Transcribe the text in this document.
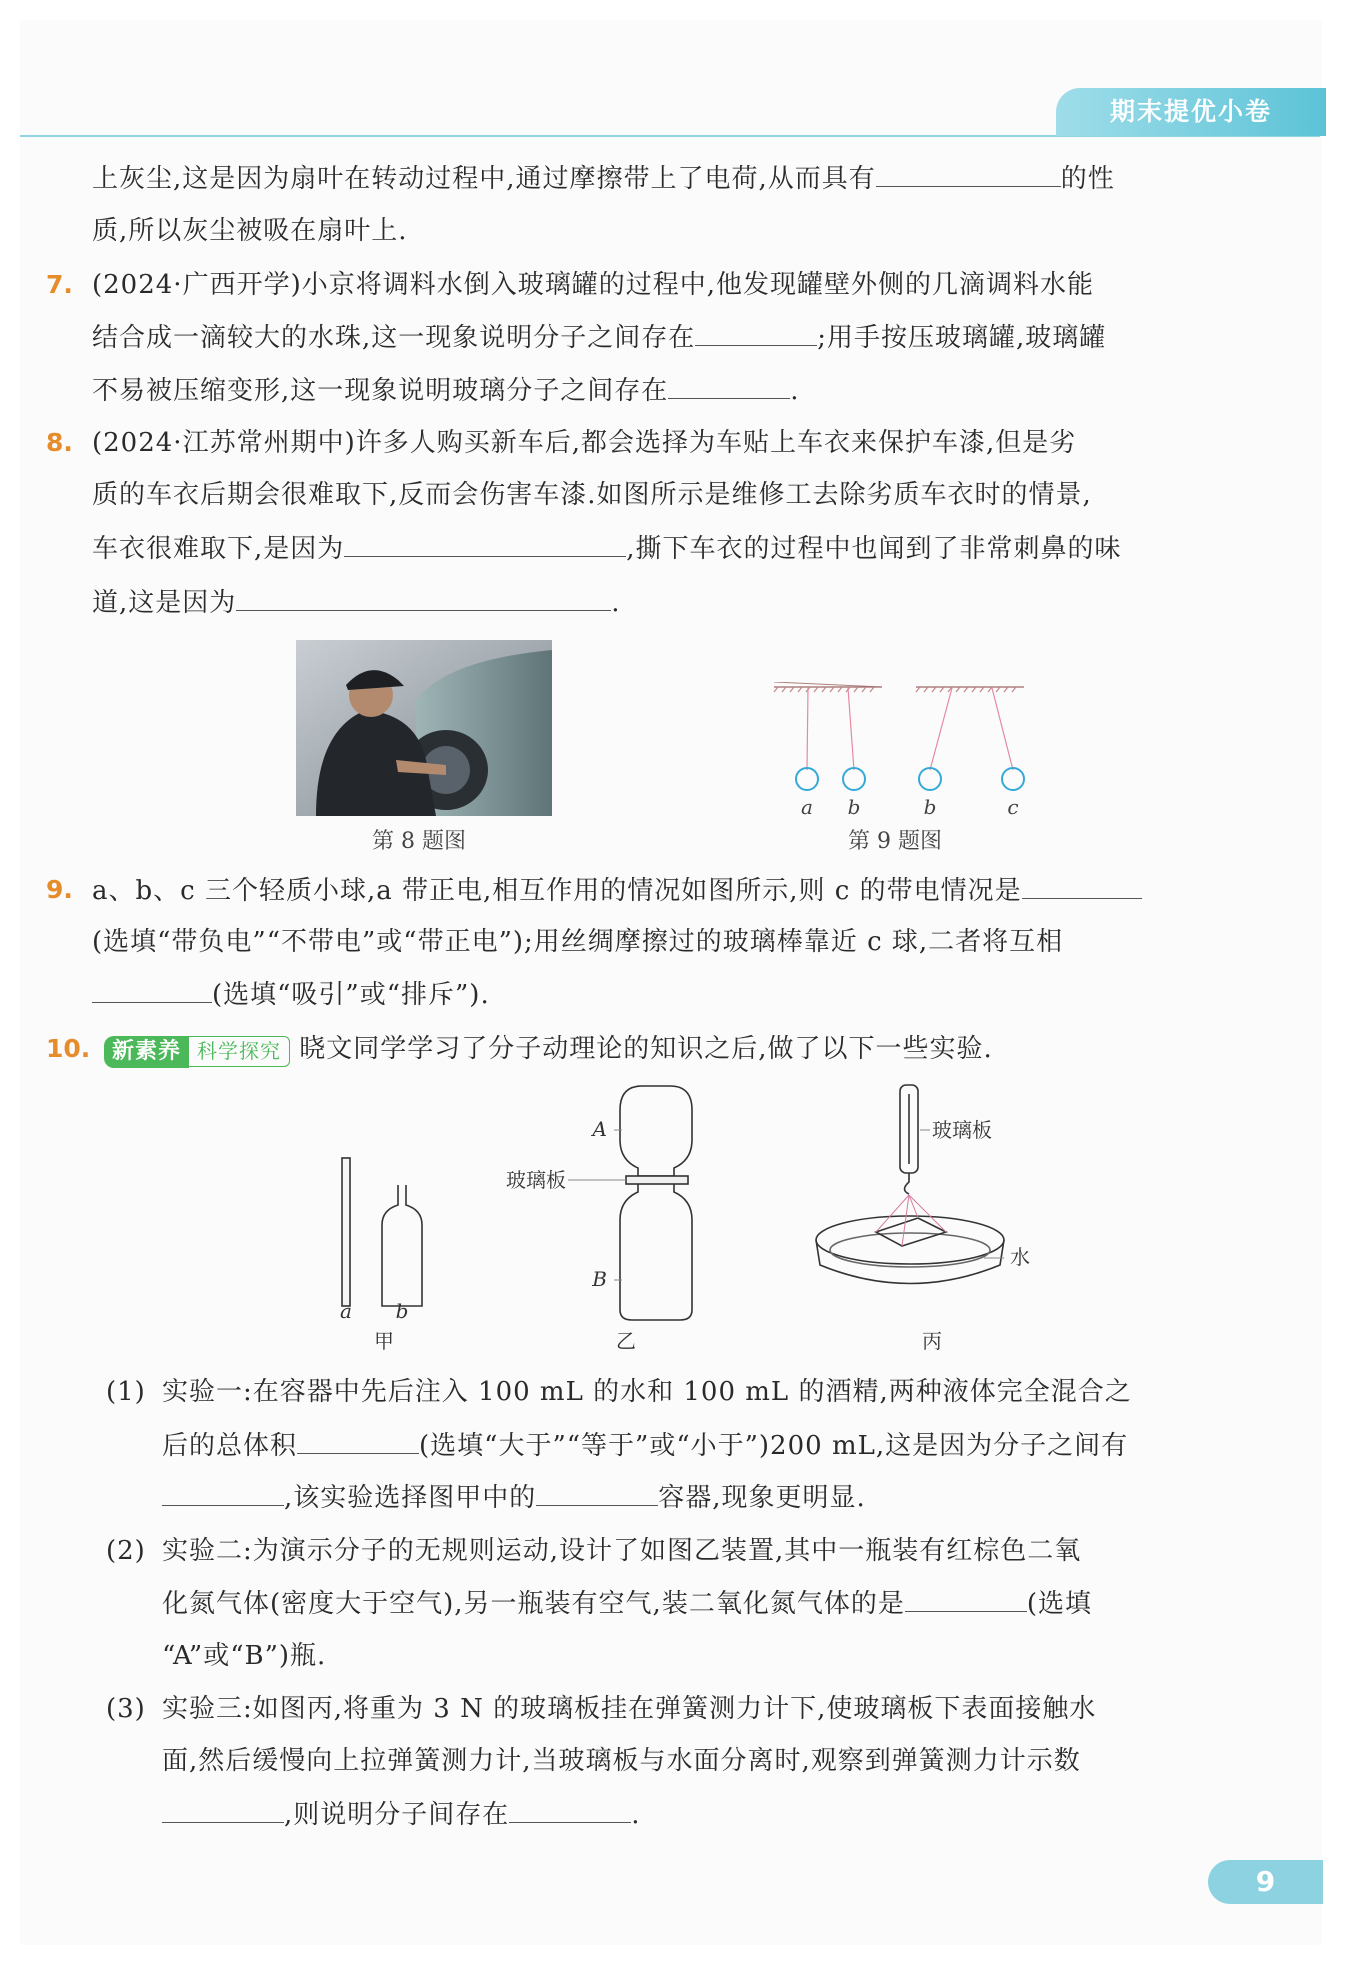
期末提优小卷
上灰尘,这是因为扇叶在转动过程中,通过摩擦带上了电荷,从而具有	的性
质,所以灰尘被吸在扇叶上.
7. (2024·广西开学)小京将调料水倒入玻璃罐的过程中,他发现罐壁外侧的几滴调料水能
结合成一滴较大的水珠,这一现象说明分子之间存在	;用手按压玻璃罐,玻璃罐
不易被压缩变形,这一现象说明玻璃分子之间存在	.
8. (2024·江苏常州期中)许多人购买新车后,都会选择为车贴上车衣来保护车漆,但是劣
质的车衣后期会很难取下,反而会伤害车漆.如图所示是维修工去除劣质车衣时的情景,
车衣很难取下,是因为	,撕下车衣的过程中也闻到了非常刺鼻的味
道,这是因为	.
第 8 题图
a b	b	c
第 9 题图
9. a、b、c 三个轻质小球,a 带正电,相互作用的情况如图所示,则 c 的带电情况是
(选填“带负电”“不带电”或“带正电”);用丝绸摩擦过的玻璃棒靠近 c 球,二者将互相
(选填“吸引”或“排斥”).
10. 新素养 科学探究 晓文同学学习了分子动理论的知识之后,做了以下一些实验.
a b
A
B
玻璃板
玻璃板
水
甲	乙	丙
(1) 实验一:在容器中先后注入 100 mL 的水和 100 mL 的酒精,两种液体完全混合之
后的总体积	(选填“大于”“等于”或“小于”)200 mL,这是因为分子之间有
,该实验选择图甲中的	容器,现象更明显.
(2) 实验二:为演示分子的无规则运动,设计了如图乙装置,其中一瓶装有红棕色二氧
化氮气体(密度大于空气),另一瓶装有空气,装二氧化氮气体的是	(选填
“A”或“B”)瓶.
(3) 实验三:如图丙,将重为 3 N 的玻璃板挂在弹簧测力计下,使玻璃板下表面接触水
面,然后缓慢向上拉弹簧测力计,当玻璃板与水面分离时,观察到弹簧测力计示数
,则说明分子间存在	.
9
